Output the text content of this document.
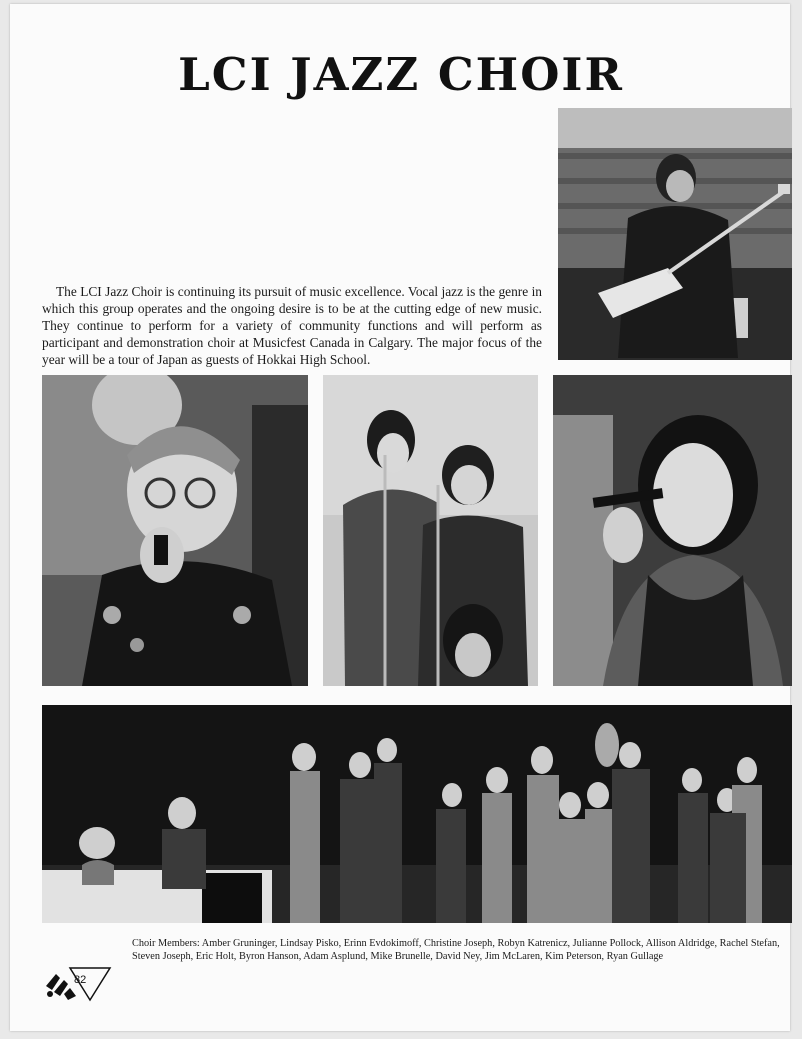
LCI JAZZ CHOIR

The LCI Jazz Choir is continuing its pursuit of music excellence. Vocal jazz is the genre in which this group operates and the ongoing desire is to be at the cutting edge of new music. They continue to perform for a variety of community functions and will perform as participant and demonstration choir at Musicfest Canada in Calgary. The major focus of the year will be a tour of Japan as guests of Hokkai High School.

Choir Members: Amber Gruninger, Lindsay Pisko, Erinn Evdokimoff, Christine Joseph, Robyn Katrenicz, Julianne Pollock, Allison Aldridge, Rachel Stefan, Steven Joseph, Eric Holt, Byron Hanson, Adam Asplund, Mike Brunelle, David Ney, Jim McLaren, Kim Peterson, Ryan Gullage

82
